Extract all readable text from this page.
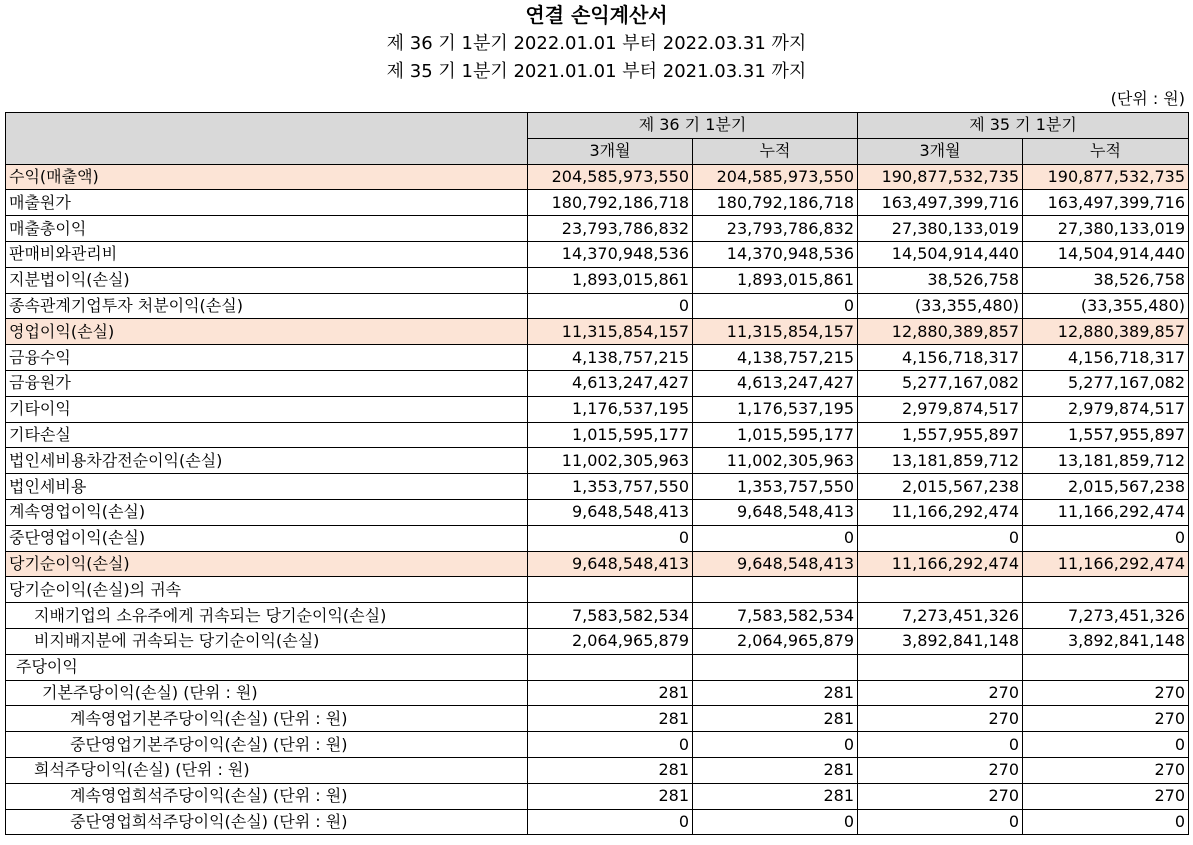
연결 손익계산서
제 36 기 1분기 2022.01.01 부터 2022.03.31 까지
제 35 기 1분기 2021.01.01 부터 2021.03.31 까지
(단위 : 원)
	제 36 기 1분기		제 35 기 1분기	
	3개월	누적	3개월	누적
수익(매출액)	204,585,973,550	204,585,973,550	190,877,532,735	190,877,532,735
매출원가	180,792,186,718	180,792,186,718	163,497,399,716	163,497,399,716
매출총이익	23,793,786,832	23,793,786,832	27,380,133,019	27,380,133,019
판매비와관리비	14,370,948,536	14,370,948,536	14,504,914,440	14,504,914,440
지분법이익(손실)	1,893,015,861	1,893,015,861	38,526,758	38,526,758
종속관계기업투자 처분이익(손실)	0	0	(33,355,480)	(33,355,480)
영업이익(손실)	11,315,854,157	11,315,854,157	12,880,389,857	12,880,389,857
금융수익	4,138,757,215	4,138,757,215	4,156,718,317	4,156,718,317
금융원가	4,613,247,427	4,613,247,427	5,277,167,082	5,277,167,082
기타이익	1,176,537,195	1,176,537,195	2,979,874,517	2,979,874,517
기타손실	1,015,595,177	1,015,595,177	1,557,955,897	1,557,955,897
법인세비용차감전순이익(손실)	11,002,305,963	11,002,305,963	13,181,859,712	13,181,859,712
법인세비용	1,353,757,550	1,353,757,550	2,015,567,238	2,015,567,238
계속영업이익(손실)	9,648,548,413	9,648,548,413	11,166,292,474	11,166,292,474
중단영업이익(손실)	0	0	0	0
당기순이익(손실)	9,648,548,413	9,648,548,413	11,166,292,474	11,166,292,474
당기순이익(손실)의 귀속				
지배기업의 소유주에게 귀속되는 당기순이익(손실)	7,583,582,534	7,583,582,534	7,273,451,326	7,273,451,326
비지배지분에 귀속되는 당기순이익(손실)	2,064,965,879	2,064,965,879	3,892,841,148	3,892,841,148
주당이익				
기본주당이익(손실) (단위 : 원)	281	281	270	270
계속영업기본주당이익(손실) (단위 : 원)	281	281	270	270
중단영업기본주당이익(손실) (단위 : 원)	0	0	0	0
희석주당이익(손실) (단위 : 원)	281	281	270	270
계속영업희석주당이익(손실) (단위 : 원)	281	281	270	270
중단영업희석주당이익(손실) (단위 : 원)	0	0	0	0
